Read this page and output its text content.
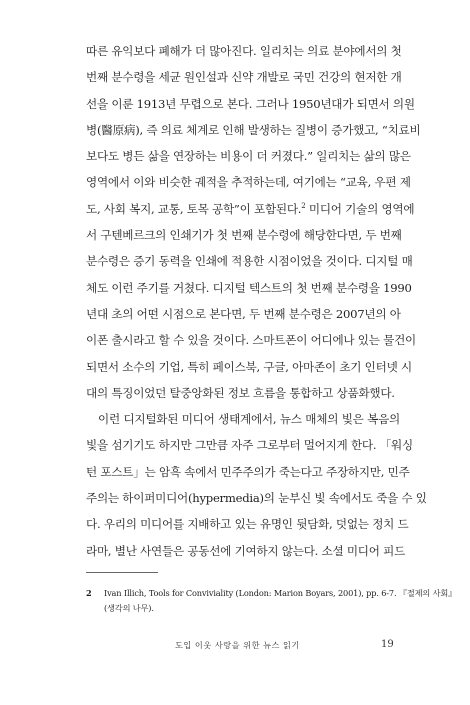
따른 유익보다 폐해가 더 많아진다. 일리치는 의료 분야에서의 첫
번째 분수령을 세균 원인설과 신약 개발로 국민 건강의 현저한 개
선을 이룬 1913년 무렵으로 본다. 그러나 1950년대가 되면서 의원
병(醫原病), 즉 의료 체계로 인해 발생하는 질병이 증가했고, “치료비
보다도 병든 삶을 연장하는 비용이 더 커졌다.” 일리치는 삶의 많은
영역에서 이와 비슷한 궤적을 추적하는데, 여기에는 “교육, 우편 제
도, 사회 복지, 교통, 토목 공학”이 포함된다.$^2$ 미디어 기술의 영역에
서 구텐베르크의 인쇄기가 첫 번째 분수령에 해당한다면, 두 번째
분수령은 증기 동력을 인쇄에 적용한 시점이었을 것이다. 디지털 매
체도 이런 주기를 거쳤다. 디지털 텍스트의 첫 번째 분수령을 1990
년대 초의 어떤 시점으로 본다면, 두 번째 분수령은 2007년의 아
이폰 출시라고 할 수 있을 것이다. 스마트폰이 어디에나 있는 물건이
되면서 소수의 기업, 특히 페이스북, 구글, 아마존이 초기 인터넷 시
대의 특징이었던 탈중앙화된 정보 흐름을 통합하고 상품화했다.
이런 디지털화된 미디어 생태계에서, 뉴스 매체의 빛은 복음의
빛을 섬기기도 하지만 그만큼 자주 그로부터 멀어지게 한다. 「워싱
턴 포스트」는 암흑 속에서 민주주의가 죽는다고 주장하지만, 민주
주의는 하이퍼미디어(hypermedia)의 눈부신 빛 속에서도 죽을 수 있
다. 우리의 미디어를 지배하고 있는 유명인 뒷담화, 덧없는 정치 드
라마, 별난 사연들은 공동선에 기여하지 않는다. 소셜 미디어 피드
2 Ivan Illich, Tools for Conviviality (London: Marion Boyars, 2001), pp. 6-7. 『절제의 사회』
(생각의 나무).
도입 이웃 사랑을 위한 뉴스 읽기	19
